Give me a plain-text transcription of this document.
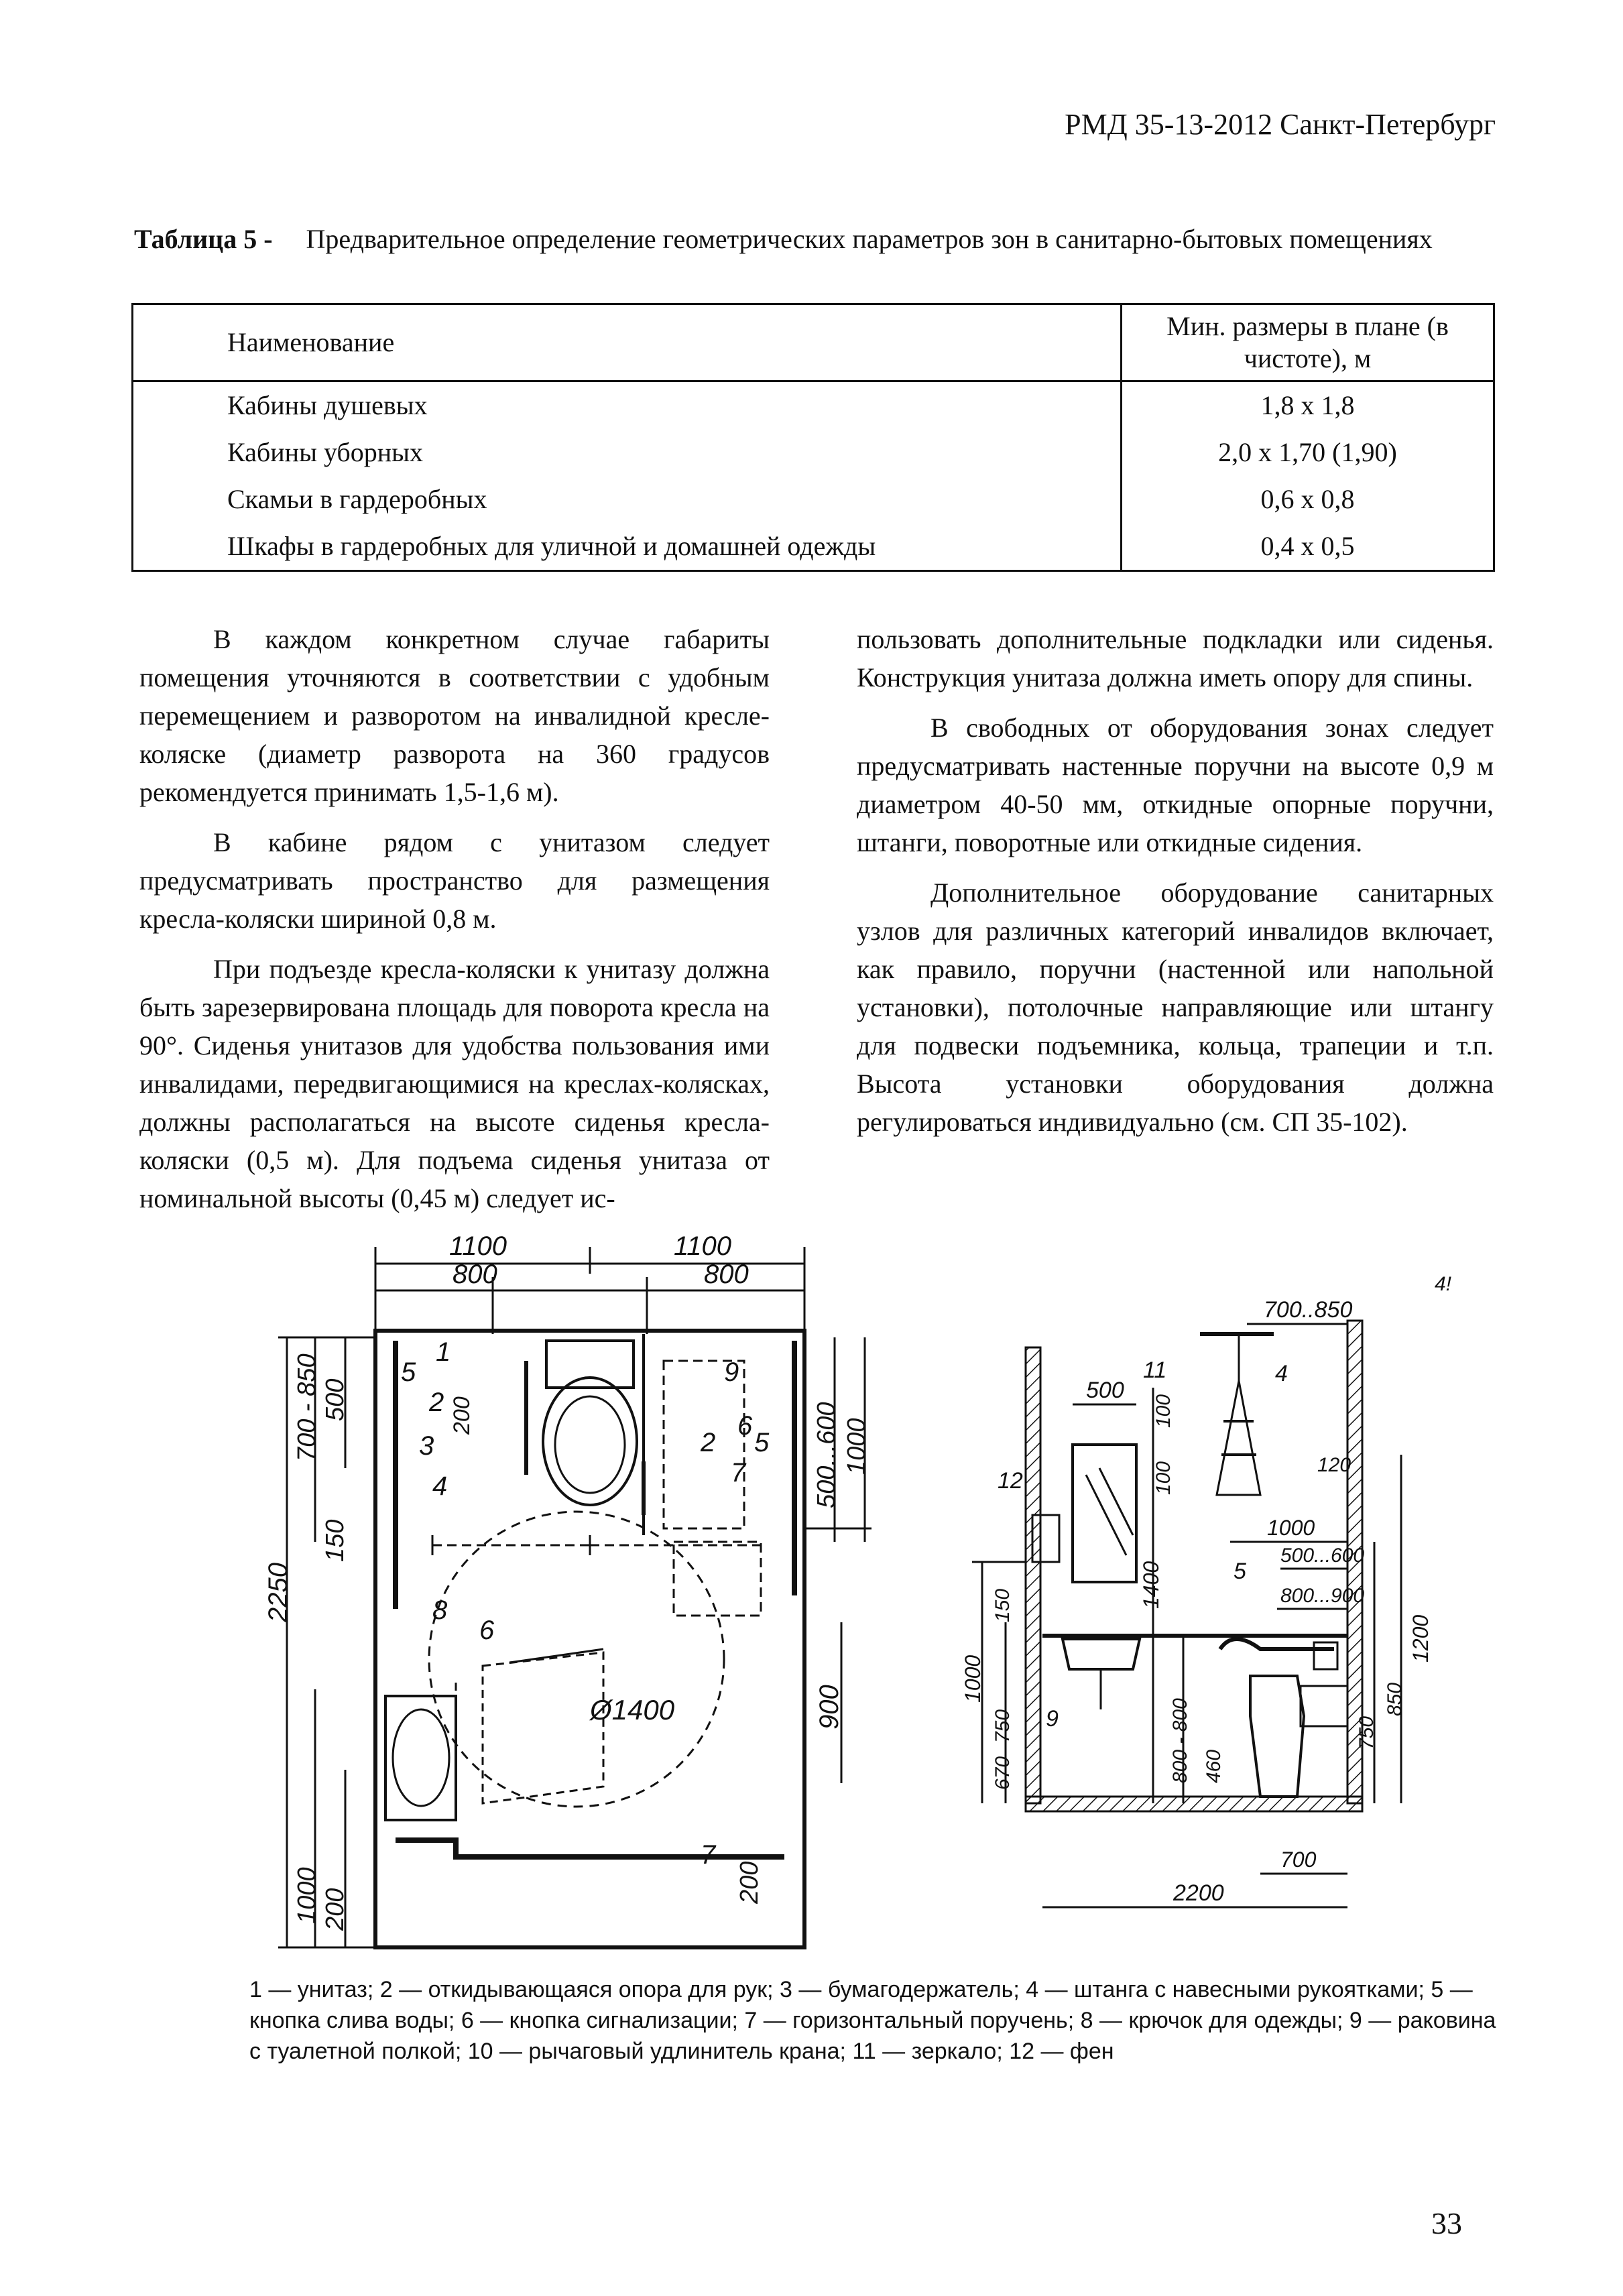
РМД 35-13-2012 Санкт-Петербург
Таблица 5 - Предварительное определение геометрических параметров зон в санитарно-бытовых помещениях
Наименование	Мин. размеры в плане (в чистоте), м
Кабины душевых	1,8 x 1,8
Кабины уборных	2,0 x 1,70 (1,90)
Скамьи в гардеробных	0,6 x 0,8
Шкафы в гардеробных для уличной и домашней одежды	0,4 x 0,5

В каждом конкретном случае габариты помещения уточняются в соответствии с удобным перемещением и разворотом на инвалидной кресле-коляске (диаметр разворота на 360 градусов рекомендуется принимать 1,5-1,6 м).

В кабине рядом с унитазом следует предусматривать пространство для размещения кресла-коляски шириной 0,8 м.

При подъезде кресла-коляски к унитазу должна быть зарезервирована площадь для поворота кресла на 90°. Сиденья унитазов для удобства пользования ими инвалидами, передвигающимися на креслах-колясках, должны располагаться на высоте сиденья кресла-коляски (0,5 м). Для подъема сиденья унитаза от номинальной высоты (0,45 м) следует ис-

пользовать дополнительные подкладки или сиденья. Конструкция унитаза должна иметь опору для спины.

В свободных от оборудования зонах следует предусматривать настенные поручни на высоте 0,9 м диаметром 40-50 мм, откидные опорные поручни, штанги, поворотные или откидные сидения.

Дополнительное оборудование санитарных узлов для различных категорий инвалидов включает, как правило, поручни (настенной или напольной установки), потолочные направляющие или штангу для подвески подъемника, кольца, трапеции и т.п. Высота установки оборудования должна регулироваться индивидуально (см. СП 35-102).

1100	1100
800	800
700 - 850 500	200
150
2250
1000 200
500...600 1000
900
200
Ø1400
1
2
3
4
5
6
7
8
9
2 5
6
7
700..850
500
100
100	120
1000
500...600
800...900
1400
150
1000
750
670	800 - 800 460
750
850
1200
700
2200
11	4
12
5
9
4!
1 — унитаз; 2 — откидывающаяся опора для рук; 3 — бумагодержатель; 4 — штанга с навесными рукоятками; 5 — кнопка слива воды; 6 — кнопка сигнализации; 7 — горизонтальный поручень; 8 — крючок для одежды; 9 — раковина с туалетной полкой; 10 — рычаговый удлинитель крана; 11 — зеркало; 12 — фен
33
